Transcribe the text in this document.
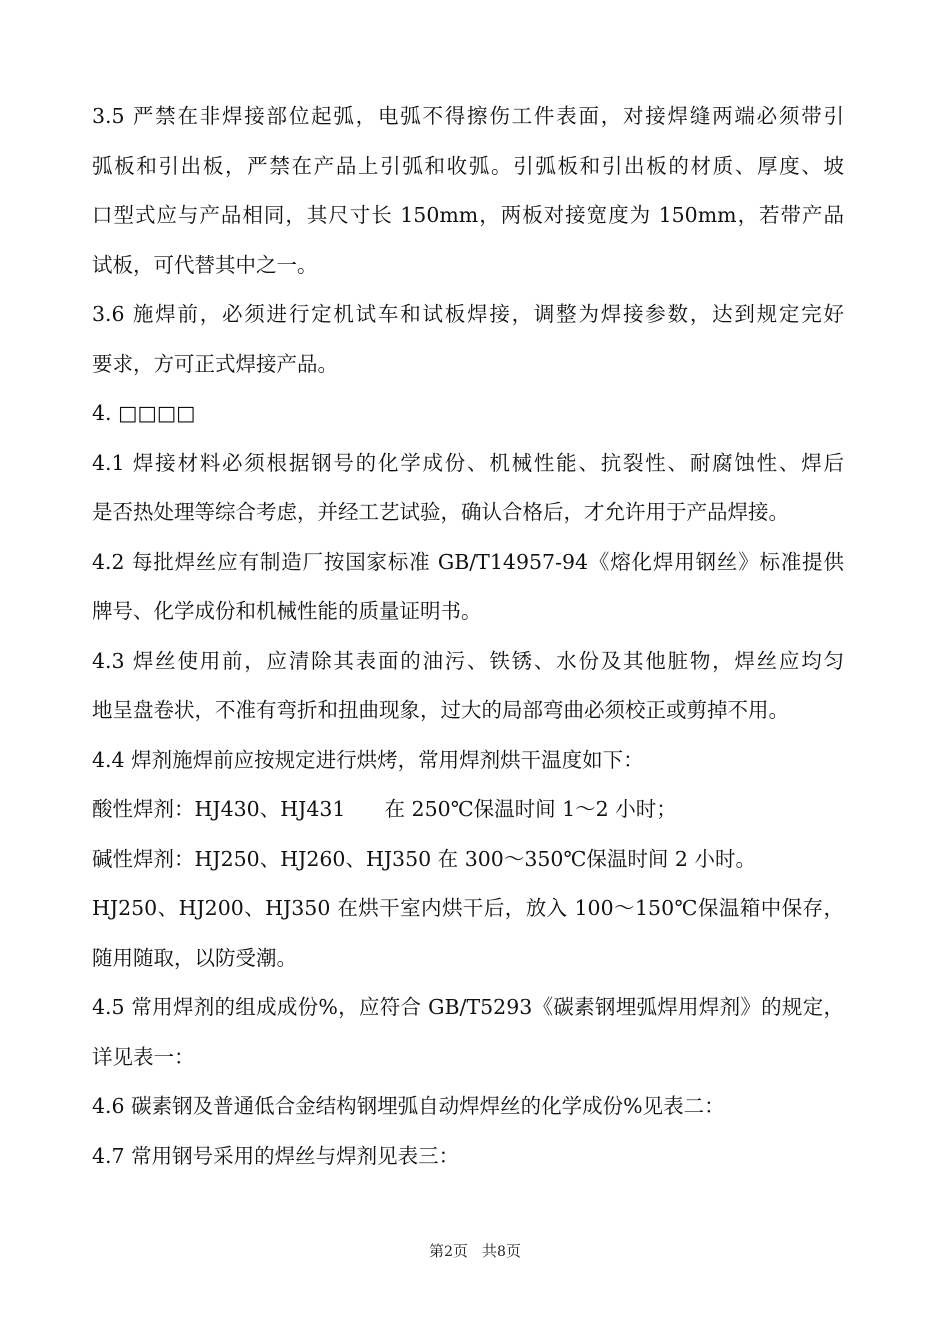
3.5 严禁在非焊接部位起弧，电弧不得擦伤工件表面，对接焊缝两端必须带引
弧板和引出板，严禁在产品上引弧和收弧。引弧板和引出板的材质、厚度、坡
口型式应与产品相同，其尺寸长 150mm，两板对接宽度为 150mm，若带产品
试板，可代替其中之一。

3.6 施焊前，必须进行定机试车和试板焊接，调整为焊接参数，达到规定完好
要求，方可正式焊接产品。

4. □□□□

4.1 焊接材料必须根据钢号的化学成份、机械性能、抗裂性、耐腐蚀性、焊后
是否热处理等综合考虑，并经工艺试验，确认合格后，才允许用于产品焊接。

4.2 每批焊丝应有制造厂按国家标准 GB/T14957-94《熔化焊用钢丝》标准提供
牌号、化学成份和机械性能的质量证明书。

4.3 焊丝使用前，应清除其表面的油污、铁锈、水份及其他脏物，焊丝应均匀
地呈盘卷状，不准有弯折和扭曲现象，过大的局部弯曲必须校正或剪掉不用。

4.4 焊剂施焊前应按规定进行烘烤，常用焊剂烘干温度如下：

酸性焊剂：HJ430、HJ431      在 250℃保温时间 1～2 小时；

碱性焊剂：HJ250、HJ260、HJ350 在 300～350℃保温时间 2 小时。

HJ250、HJ200、HJ350 在烘干室内烘干后，放入 100～150℃保温箱中保存，
随用随取，以防受潮。

4.5 常用焊剂的组成成份%，应符合 GB/T5293《碳素钢埋弧焊用焊剂》的规定，
详见表一：

4.6 碳素钢及普通低合金结构钢埋弧自动焊焊丝的化学成份%见表二：

4.7 常用钢号采用的焊丝与焊剂见表三：

第2页 共8页
